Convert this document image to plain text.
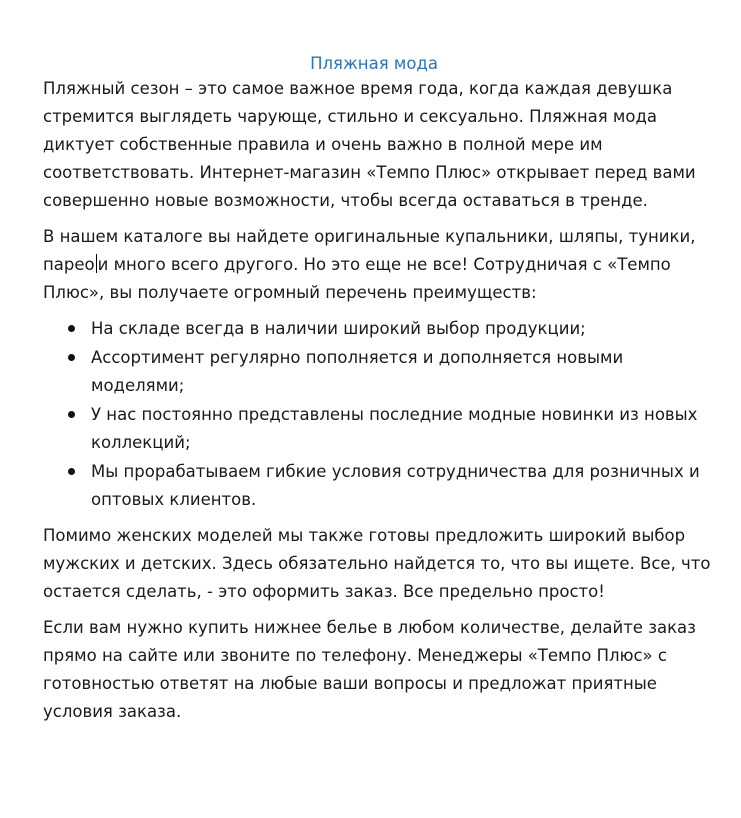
Пляжная мода

Пляжный сезон – это самое важное время года, когда каждая девушка стремится выглядеть чарующе, стильно и сексуально. Пляжная мода диктует собственные правила и очень важно в полной мере им соответствовать. Интернет-магазин «Темпо Плюс» открывает перед вами совершенно новые возможности, чтобы всегда оставаться в тренде.

В нашем каталоге вы найдете оригинальные купальники, шляпы, туники, парео и много всего другого. Но это еще не все! Сотрудничая с «Темпо Плюс», вы получаете огромный перечень преимуществ:

На складе всегда в наличии широкий выбор продукции;
Ассортимент регулярно пополняется и дополняется новыми моделями;
У нас постоянно представлены последние модные новинки из новых коллекций;
Мы прорабатываем гибкие условия сотрудничества для розничных и оптовых клиентов.

Помимо женских моделей мы также готовы предложить широкий выбор мужских и детских. Здесь обязательно найдется то, что вы ищете. Все, что остается сделать, - это оформить заказ. Все предельно просто!

Если вам нужно купить нижнее белье в любом количестве, делайте заказ прямо на сайте или звоните по телефону. Менеджеры «Темпо Плюс» с готовностью ответят на любые ваши вопросы и предложат приятные условия заказа.
